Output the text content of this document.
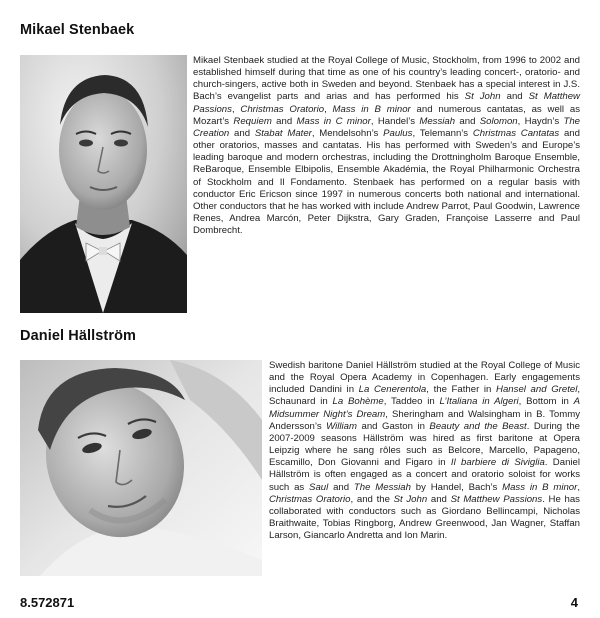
Mikael Stenbaek

Mikael Stenbaek studied at the Royal College of Music, Stockholm, from 1996 to 2002 and established himself during that time as one of his country’s leading concert-, oratorio- and church-singers, active both in Sweden and beyond. Stenbaek has a special interest in J.S. Bach’s evangelist parts and arias and has performed his St John and St Matthew Passions, Christmas Oratorio, Mass in B minor and numerous cantatas, as well as Mozart’s Requiem and Mass in C minor, Handel’s Messiah and Solomon, Haydn’s The Creation and Stabat Mater, Mendelsohn’s Paulus, Telemann’s Christmas Cantatas and other oratorios, masses and cantatas. His has performed with Sweden’s and Europe’s leading baroque and modern orchestras, including the Drottningholm Baroque Ensemble, ReBaroque, Ensemble Elbipolis, Ensemble Akadémia, the Royal Philharmonic Orchestra of Stockholm and Il Fondamento. Stenbaek has performed on a regular basis with conductor Eric Ericson since 1997 in numerous concerts both national and international. Other conductors that he has worked with include Andrew Parrot, Paul Goodwin, Lawrence Renes, Andrea Marcón, Peter Dijkstra, Gary Graden, Françoise Lasserre and Paul Dombrecht.

Daniel Hällström

Swedish baritone Daniel Hällström studied at the Royal College of Music and the Royal Opera Academy in Copenhagen. Early engagements included Dandini in La Cenerentola, the Father in Hansel and Gretel, Schaunard in La Bohème, Taddeo in L’Italiana in Algeri, Bottom in A Midsummer Night’s Dream, Sheringham and Walsingham in B. Tommy Andersson’s William and Gaston in Beauty and the Beast. During the 2007-2009 seasons Hällström was hired as first baritone at Opera Leipzig where he sang rôles such as Belcore, Marcello, Papageno, Escamillo, Don Giovanni and Figaro in Il barbiere di Siviglia. Daniel Hällström is often engaged as a concert and oratorio soloist for works such as Saul and The Messiah by Handel, Bach’s Mass in B minor, Christmas Oratorio, and the St John and St Matthew Passions. He has collaborated with conductors such as Giordano Bellincampi, Nicholas Braithwaite, Tobias Ringborg, Andrew Greenwood, Jan Wagner, Staffan Larson, Giancarlo Andretta and Ion Marin.

8.572871	4
